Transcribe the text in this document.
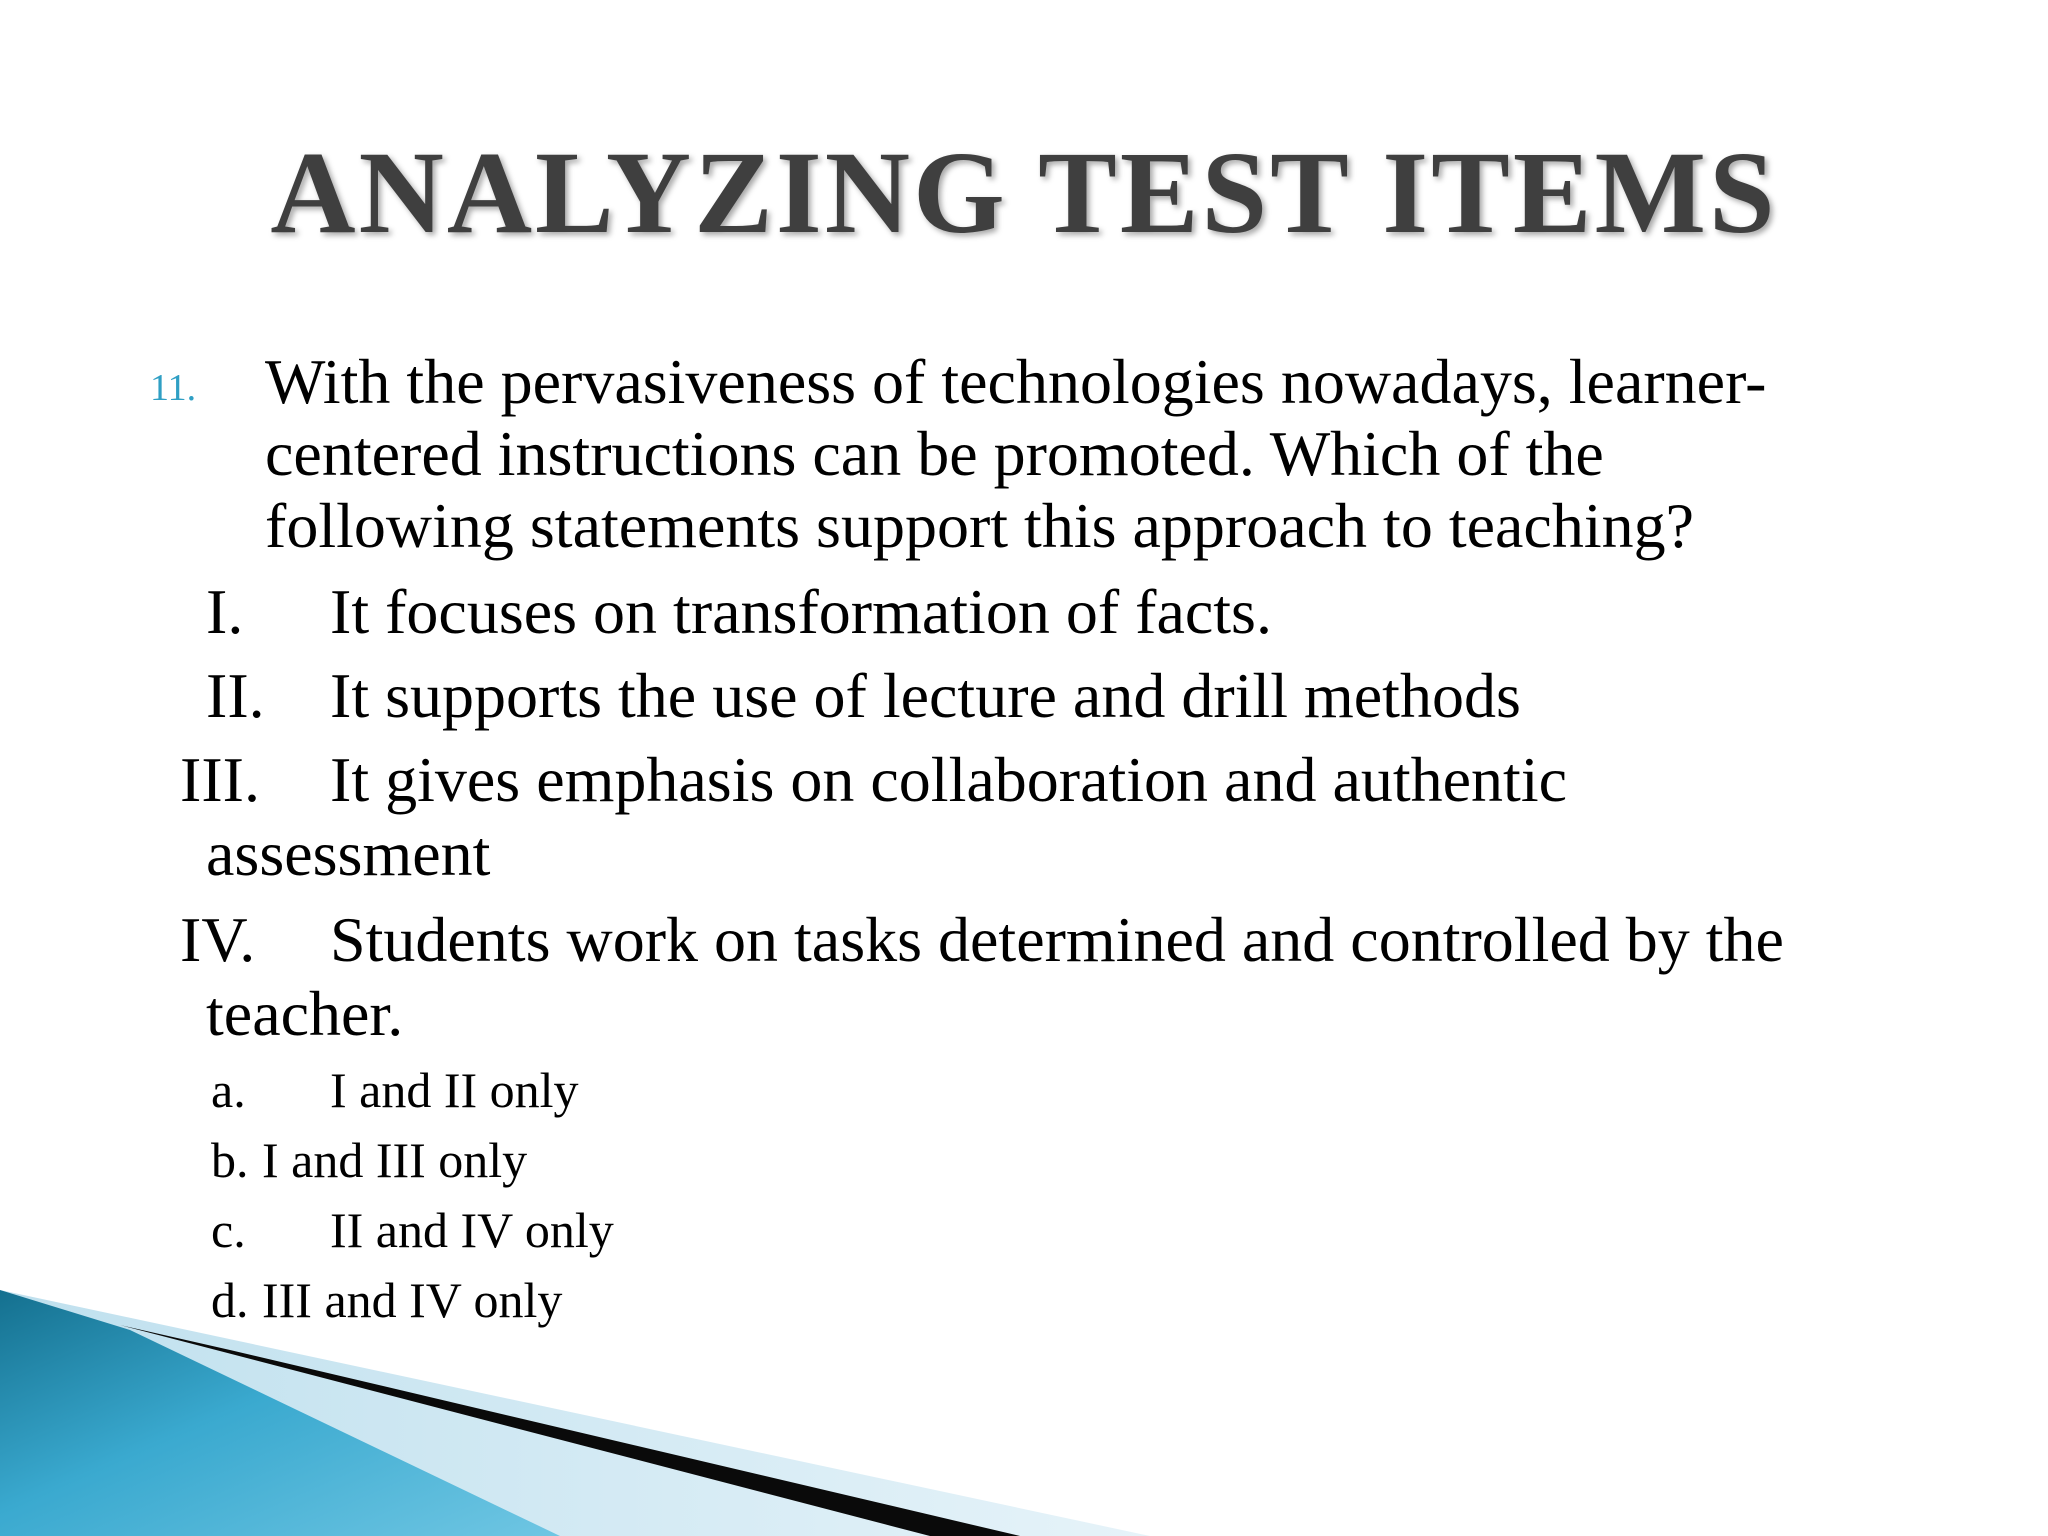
ANALYZING TEST ITEMS
11. With the pervasiveness of technologies nowadays, learner-
centered instructions can be promoted. Which of the
following statements support this approach to teaching?
I. It focuses on transformation of facts.
II. It supports the use of lecture and drill methods
III. It gives emphasis on collaboration and authentic
assessment
IV. Students work on tasks determined and controlled by the
teacher.
a. I and II only
b. I and III only
c. II and IV only
d. III and IV only
